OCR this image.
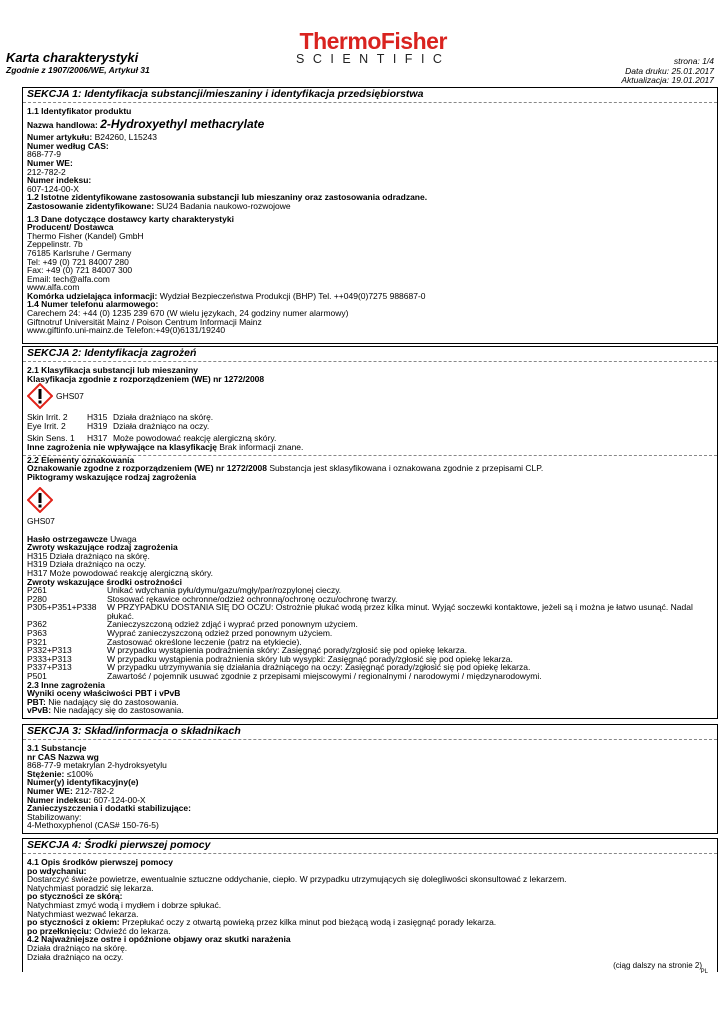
Karta charakterystyki
Zgodnie z 1907/2006/WE, Artykuł 31
ThermoFisher
SCIENTIFIC	strona: 1/4
Data druku: 25.01.2017
Aktualizacja: 19.01.2017
SEKCJA 1: Identyfikacja substancji/mieszaniny i identyfikacja przedsiębiorstwa
1.1 Identyfikator produktu
Nazwa handlowa: 2-Hydroxyethyl methacrylate
Numer artykułu: B24260, L15243
Numer według CAS:
868-77-9
Numer WE:
212-782-2
Numer indeksu:
607-124-00-X
1.2 Istotne zidentyfikowane zastosowania substancji lub mieszaniny oraz zastosowania odradzane.
Zastosowanie zidentyfikowane: SU24 Badania naukowo-rozwojowe
1.3 Dane dotyczące dostawcy karty charakterystyki
Producent/ Dostawca
Thermo Fisher (Kandel) GmbH
Zeppelinstr. 7b
76185 Karlsruhe / Germany
Tel: +49 (0) 721 84007 280
Fax: +49 (0) 721 84007 300
Email: tech@alfa.com
www.alfa.com
Komórka udzielająca informacji: Wydział Bezpieczeństwa Produkcji (BHP) Tel. ++049(0)7275 988687-0
1.4 Numer telefonu alarmowego:
Carechem 24: +44 (0) 1235 239 670 (W wielu językach, 24 godziny numer alarmowy)
Giftnotruf Universität Mainz / Poison Centrum Informacji Mainz
www.giftinfo.uni-mainz.de Telefon:+49(0)6131/19240
SEKCJA 2: Identyfikacja zagrożeń
2.1 Klasyfikacja substancji lub mieszaniny
Klasyfikacja zgodnie z rozporządzeniem (WE) nr 1272/2008
GHS07
Skin Irrit. 2	H315 Działa drażniąco na skórę.
Eye Irrit. 2	H319 Działa drażniąco na oczy.
Skin Sens. 1	H317 Może powodować reakcję alergiczną skóry.
Inne zagrożenia nie wpływające na klasyfikację Brak informacji znane.
2.2 Elementy oznakowania
Oznakowanie zgodne z rozporządzeniem (WE) nr 1272/2008 Substancja jest sklasyfikowana i oznakowana zgodnie z przepisami CLP.
Piktogramy wskazujące rodzaj zagrożenia
GHS07
Hasło ostrzegawcze Uwaga
Zwroty wskazujące rodzaj zagrożenia
H315 Działa drażniąco na skórę.
H319 Działa drażniąco na oczy.
H317 Może powodować reakcję alergiczną skóry.
Zwroty wskazujące środki ostrożności
P261	Unikać wdychania pyłu/dymu/gazu/mgły/par/rozpylonej cieczy.
P280	Stosować rękawice ochronne/odzież ochronną/ochronę oczu/ochronę twarzy.
P305+P351+P338	W PRZYPADKU DOSTANIA SIĘ DO OCZU: Ostrożnie płukać wodą przez kilka minut. Wyjąć soczewki kontaktowe, jeżeli są i można je łatwo usunąć. Nadal płukać.
P362	Zanieczyszczoną odzież zdjąć i wyprać przed ponownym użyciem.
P363	Wyprać zanieczyszczoną odzież przed ponownym użyciem.
P321	Zastosować określone leczenie (patrz na etykiecie).
P332+P313	W przypadku wystąpienia podrażnienia skóry: Zasięgnąć porady/zgłosić się pod opiekę lekarza.
P333+P313	W przypadku wystąpienia podrażnienia skóry lub wysypki: Zasięgnąć porady/zgłosić się pod opiekę lekarza.
P337+P313	W przypadku utrzymywania się działania drażniącego na oczy: Zasięgnąć porady/zgłosić się pod opiekę lekarza.
P501	Zawartość / pojemnik usuwać zgodnie z przepisami miejscowymi / regionalnymi / narodowymi / międzynarodowymi.
2.3 Inne zagrożenia
Wyniki oceny właściwości PBT i vPvB
PBT: Nie nadający się do zastosowania.
vPvB: Nie nadający się do zastosowania.
SEKCJA 3: Skład/informacja o składnikach
3.1 Substancje
nr CAS Nazwa wg
868-77-9 metakrylan 2-hydroksyetylu
Stężenie: ≤100%
Numer(y) identyfikacyjny(e)
Numer WE: 212-782-2
Numer indeksu: 607-124-00-X
Zanieczyszczenia i dodatki stabilizujące:
Stabilizowany:
4-Methoxyphenol (CAS# 150-76-5)
SEKCJA 4: Środki pierwszej pomocy
4.1 Opis środków pierwszej pomocy
po wdychaniu:
Dostarczyć świeże powietrze, ewentualnie sztuczne oddychanie, ciepło. W przypadku utrzymujących się dolegliwości skonsultować z lekarzem.
Natychmiast poradzić się lekarza.
po styczności ze skórą:
Natychmiast zmyć wodą i mydłem i dobrze spłukać.
Natychmiast wezwać lekarza.
po styczności z okiem: Przepłukać oczy z otwartą powieką przez kilka minut pod bieżącą wodą i zasięgnąć porady lekarza.
po przełknięciu: Odwieźć do lekarza.
4.2 Najważniejsze ostre i opóźnione objawy oraz skutki narażenia
Działa drażniąco na skórę.
Działa drażniąco na oczy.
(ciąg dalszy na stronie 2)
PL
